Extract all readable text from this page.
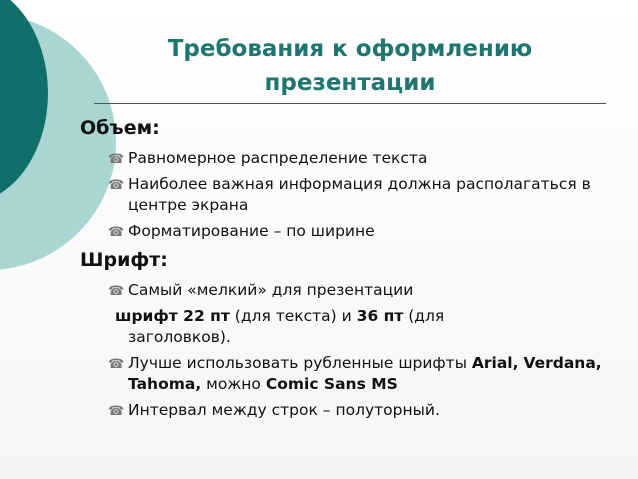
Требования к оформлению
презентации
Объем:
☎ Равномерное распределение текста
☎ Наиболее важная информация должна располагаться в центре экрана
☎ Форматирование – по ширине
Шрифт:
☎ Самый «мелкий» для презентации
шрифт 22 пт (для текста) и 36 пт (для
заголовков).
☎ Лучше использовать рубленные шрифты Arial, Verdana, Tahoma, можно Comic Sans MS
☎ Интервал между строк – полуторный.
